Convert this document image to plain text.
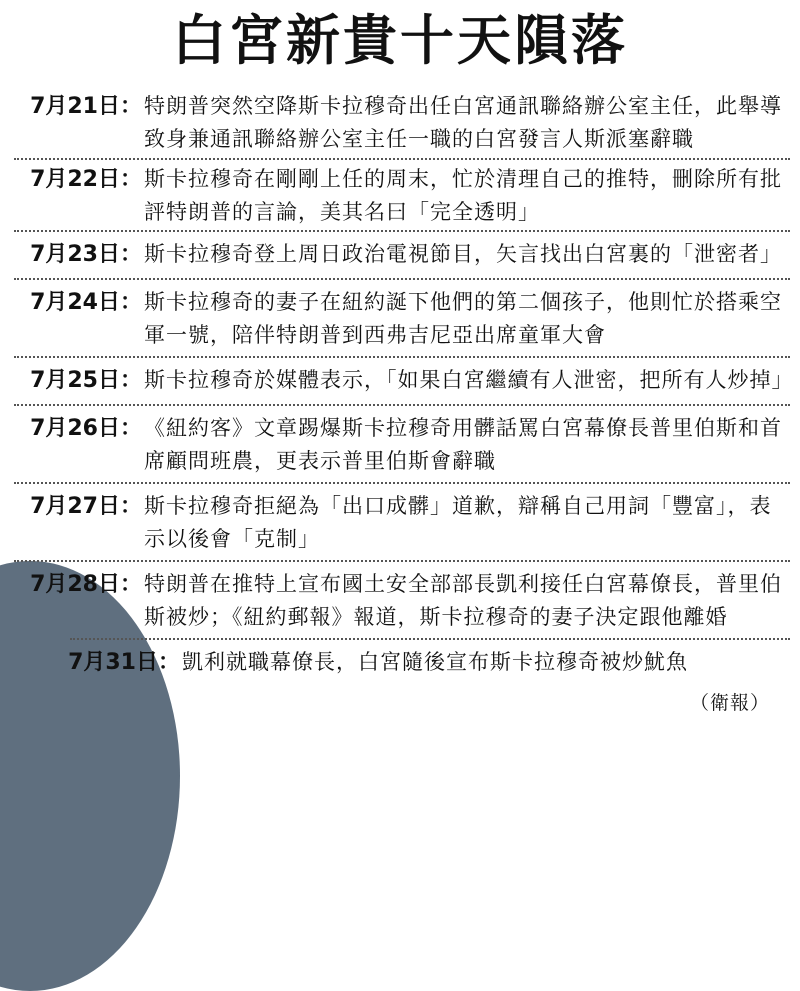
白宮新貴十天隕落
7月21日 ： 特朗普突然空降斯卡拉穆奇出任白宮通訊聯絡辦公室主任，此舉導致身兼通訊聯絡辦公室主任一職的白宮發言人斯派塞辭職
7月22日 ： 斯卡拉穆奇在剛剛上任的周末，忙於清理自己的推特，刪除所有批評特朗普的言論，美其名曰「完全透明」
7月23日 ： 斯卡拉穆奇登上周日政治電視節目，矢言找出白宮裏的「泄密者」
7月24日 ： 斯卡拉穆奇的妻子在紐約誕下他們的第二個孩子，他則忙於搭乘空軍一號，陪伴特朗普到西弗吉尼亞出席童軍大會
7月25日 ： 斯卡拉穆奇於媒體表示，「如果白宮繼續有人泄密，把所有人炒掉」
7月26日 ： 《紐約客》文章踢爆斯卡拉穆奇用髒話罵白宮幕僚長普里伯斯和首席顧問班農，更表示普里伯斯會辭職
7月27日 ： 斯卡拉穆奇拒絕為「出口成髒」道歉，辯稱自己用詞「豐富」，表示以後會「克制」
7月28日 ： 特朗普在推特上宣布國土安全部部長凱利接任白宮幕僚長，普里伯斯被炒；《紐約郵報》報道，斯卡拉穆奇的妻子決定跟他離婚
7月31日 ： 凱利就職幕僚長，白宮隨後宣布斯卡拉穆奇被炒魷魚
（衛報）
